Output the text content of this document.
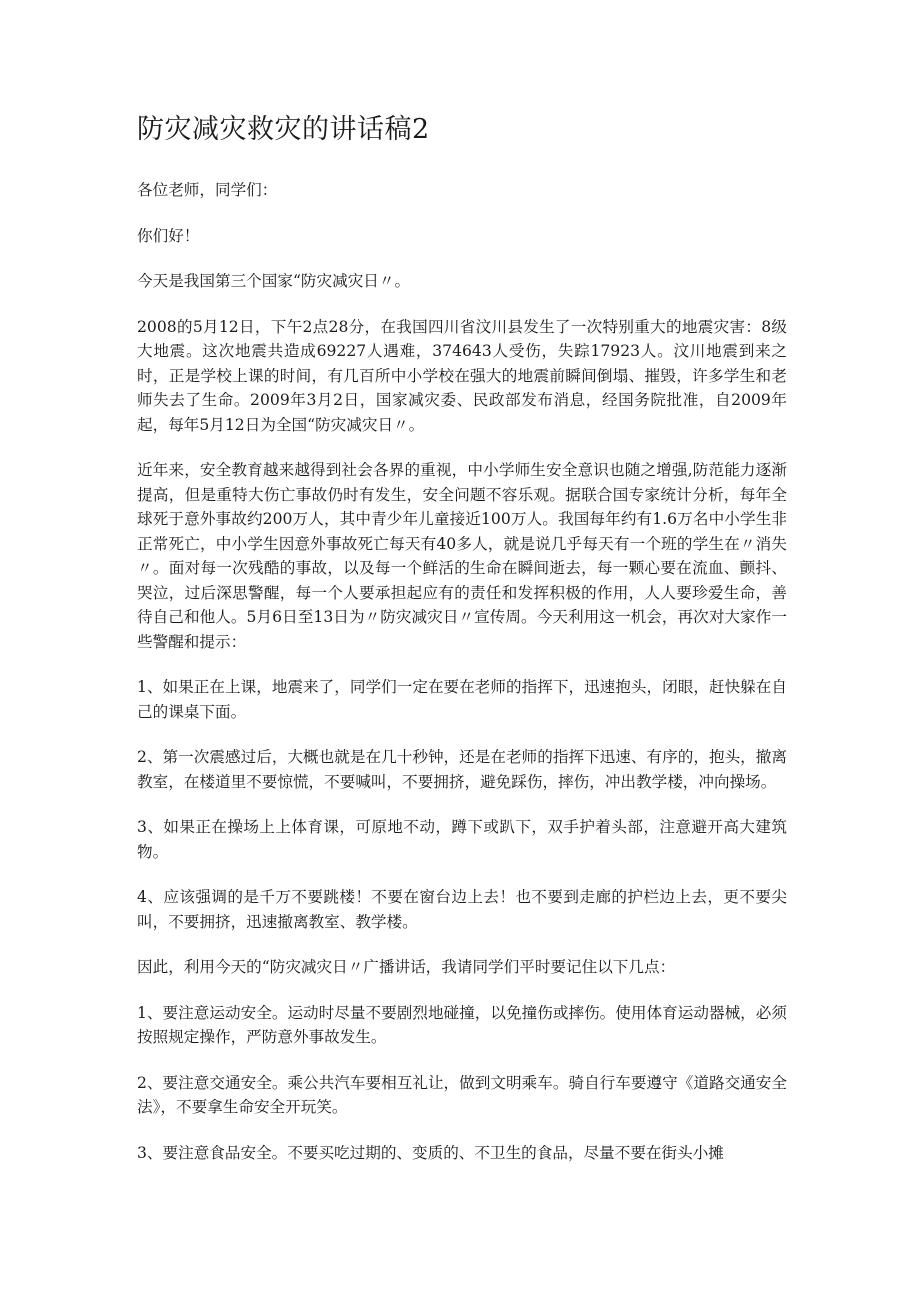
防灾减灾救灾的讲话稿2

各位老师，同学们：

你们好！

今天是我国第三个国家“防灾减灾日〃。

2008的5月12日，下午2点28分，在我国四川省汶川县发生了一次特别重大的地震灾害：8级大地震。这次地震共造成69227人遇难，374643人受伤，失踪17923人。汶川地震到来之时，正是学校上课的时间，有几百所中小学校在强大的地震前瞬间倒塌、摧毁，许多学生和老师失去了生命。2009年3月2日，国家减灾委、民政部发布消息，经国务院批准，自2009年起，每年5月12日为全国“防灾减灾日〃。

近年来，安全教育越来越得到社会各界的重视，中小学师生安全意识也随之增强,防范能力逐渐提高，但是重特大伤亡事故仍时有发生，安全问题不容乐观。据联合国专家统计分析，每年全球死于意外事故约200万人，其中青少年儿童接近100万人。我国每年约有1.6万名中小学生非正常死亡，中小学生因意外事故死亡每天有40多人，就是说几乎每天有一个班的学生在〃消失〃。面对每一次残酷的事故，以及每一个鲜活的生命在瞬间逝去，每一颗心要在流血、颤抖、哭泣，过后深思警醒，每一个人要承担起应有的责任和发挥积极的作用，人人要珍爱生命，善待自己和他人。5月6日至13日为〃防灾减灾日〃宣传周。今天利用这一机会，再次对大家作一些警醒和提示：

1、如果正在上课，地震来了，同学们一定在要在老师的指挥下，迅速抱头，闭眼，赶快躲在自己的课桌下面。

2、第一次震感过后，大概也就是在几十秒钟，还是在老师的指挥下迅速、有序的，抱头，撤离教室，在楼道里不要惊慌，不要喊叫，不要拥挤，避免踩伤，摔伤，冲出教学楼，冲向操场。

3、如果正在操场上上体育课，可原地不动，蹲下或趴下，双手护着头部，注意避开高大建筑物。

4、应该强调的是千万不要跳楼！不要在窗台边上去！也不要到走廊的护栏边上去，更不要尖叫，不要拥挤，迅速撤离教室、教学楼。

因此，利用今天的“防灾减灾日〃广播讲话，我请同学们平时要记住以下几点：

1、要注意运动安全。运动时尽量不要剧烈地碰撞，以免撞伤或摔伤。使用体育运动器械，必须按照规定操作，严防意外事故发生。

2、要注意交通安全。乘公共汽车要相互礼让，做到文明乘车。骑自行车要遵守《道路交通安全法》，不要拿生命安全开玩笑。

3、要注意食品安全。不要买吃过期的、变质的、不卫生的食品，尽量不要在街头小摊
